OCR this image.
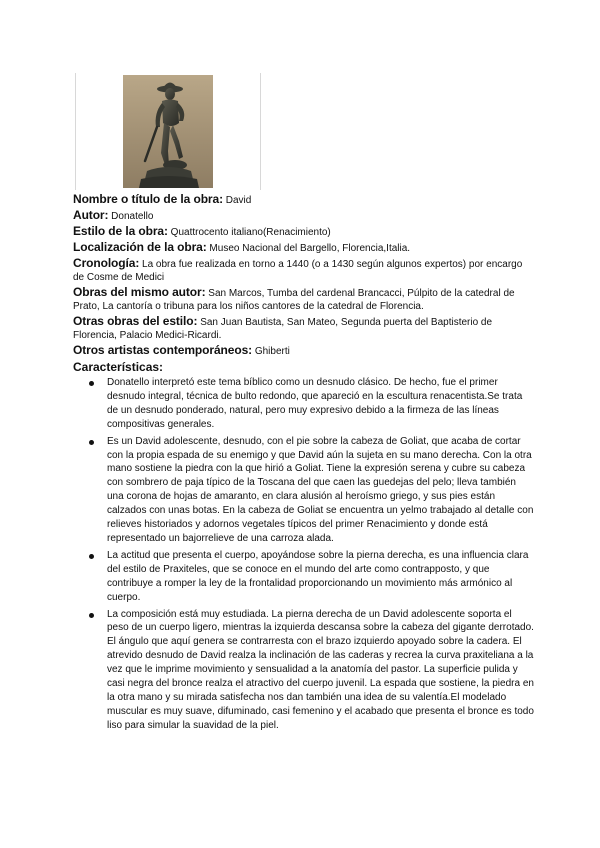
Nombre o título de la obra: David

Autor: Donatello

Estilo de la obra: Quattrocento italiano(Renacimiento)

Localización de la obra: Museo Nacional del Bargello, Florencia,Italia.

Cronología: La obra fue realizada en torno a 1440 (o a 1430 según algunos expertos) por encargo de Cosme de Medici

Obras del mismo autor: San Marcos, Tumba del cardenal Brancacci, Púlpito de la catedral de Prato, La cantoría o tribuna para los niños cantores de la catedral de Florencia.

Otras obras del estilo: San Juan Bautista, San Mateo, Segunda puerta del Baptisterio de Florencia, Palacio Medici-Ricardi.

Otros artistas contemporáneos: Ghiberti

Características:
Donatello interpretó este tema bíblico como un desnudo clásico. De hecho, fue el primer desnudo integral, técnica de bulto redondo, que apareció en la escultura renacentista.Se trata de un desnudo ponderado, natural, pero muy expresivo debido a la firmeza de las líneas compositivas generales.
Es un David adolescente, desnudo, con el pie sobre la cabeza de Goliat, que acaba de cortar con la propia espada de su enemigo y que David aún la sujeta en su mano derecha. Con la otra mano sostiene la piedra con la que hirió a Goliat. Tiene la expresión serena y cubre su cabeza con sombrero de paja típico de la Toscana del que caen las guedejas del pelo; lleva también una corona de hojas de amaranto, en clara alusión al heroísmo griego, y sus pies están calzados con unas botas. En la cabeza de Goliat se encuentra un yelmo trabajado al detalle con relieves historiados y adornos vegetales típicos del primer Renacimiento y donde está representado un bajorrelieve de una carroza alada.
La actitud que presenta el cuerpo, apoyándose sobre la pierna derecha, es una influencia clara del estilo de Praxiteles, que se conoce en el mundo del arte como contrapposto, y que contribuye a romper la ley de la frontalidad proporcionando un movimiento más armónico al cuerpo.
La composición está muy estudiada. La pierna derecha de un David adolescente soporta el peso de un cuerpo ligero, mientras la izquierda descansa sobre la cabeza del gigante derrotado. El ángulo que aquí genera se contrarresta con el brazo izquierdo apoyado sobre la cadera. El atrevido desnudo de David realza la inclinación de las caderas y recrea la curva praxiteliana a la vez que le imprime movimiento y sensualidad a la anatomía del pastor. La superficie pulida y casi negra del bronce realza el atractivo del cuerpo juvenil. La espada que sostiene, la piedra en la otra mano y su mirada satisfecha nos dan también una idea de su valentía.El modelado muscular es muy suave, difuminado, casi femenino y el acabado que presenta el bronce es todo liso para simular la suavidad de la piel.
